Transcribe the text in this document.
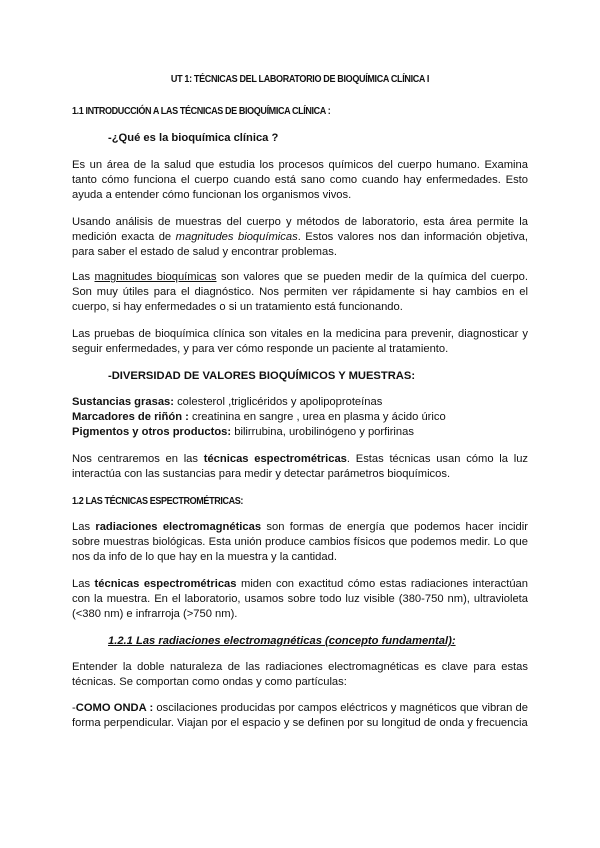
UT 1: TÉCNICAS DEL LABORATORIO DE BIOQUÍMICA CLÍNICA I
1.1 INTRODUCCIÓN A LAS TÉCNICAS DE BIOQUÍMICA CLÍNICA :
-¿Qué es la bioquímica clínica ?

Es un área de la salud que estudia los procesos químicos del cuerpo humano. Examina tanto cómo funciona el cuerpo cuando está sano como cuando hay enfermedades. Esto ayuda a entender cómo funcionan los organismos vivos.

Usando análisis de muestras del cuerpo y métodos de laboratorio, esta área permite la medición exacta de magnitudes bioquímicas. Estos valores nos dan información objetiva, para saber el estado de salud y encontrar problemas.

Las magnitudes bioquímicas son valores que se pueden medir de la química del cuerpo. Son muy útiles para el diagnóstico. Nos permiten ver rápidamente si hay cambios en el cuerpo, si hay enfermedades o si un tratamiento está funcionando.

Las pruebas de bioquímica clínica son vitales en la medicina para prevenir, diagnosticar y seguir enfermedades, y para ver cómo responde un paciente al tratamiento.

-DIVERSIDAD DE VALORES BIOQUÍMICOS Y MUESTRAS:
Sustancias grasas: colesterol ,triglicéridos y apolipoproteínas
Marcadores de riñón : creatinina en sangre , urea en plasma y ácido úrico
Pigmentos y otros productos: bilirrubina, urobilinógeno y porfirinas

Nos centraremos en las técnicas espectrométricas. Estas técnicas usan cómo la luz interactúa con las sustancias para medir y detectar parámetros bioquímicos.

1.2 LAS TÉCNICAS ESPECTROMÉTRICAS:

Las radiaciones electromagnéticas son formas de energía que podemos hacer incidir sobre muestras biológicas. Esta unión produce cambios físicos que podemos medir. Lo que nos da info de lo que hay en la muestra y la cantidad.

Las técnicas espectrométricas miden con exactitud cómo estas radiaciones interactúan con la muestra. En el laboratorio, usamos sobre todo luz visible (380-750 nm), ultravioleta (<380 nm) e infrarroja (>750 nm).

1.2.1 Las radiaciones electromagnéticas (concepto fundamental):

Entender la doble naturaleza de las radiaciones electromagnéticas es clave para estas técnicas. Se comportan como ondas y como partículas:

-COMO ONDA : oscilaciones producidas por campos eléctricos y magnéticos que vibran de forma perpendicular. Viajan por el espacio y se definen por su longitud de onda y frecuencia
